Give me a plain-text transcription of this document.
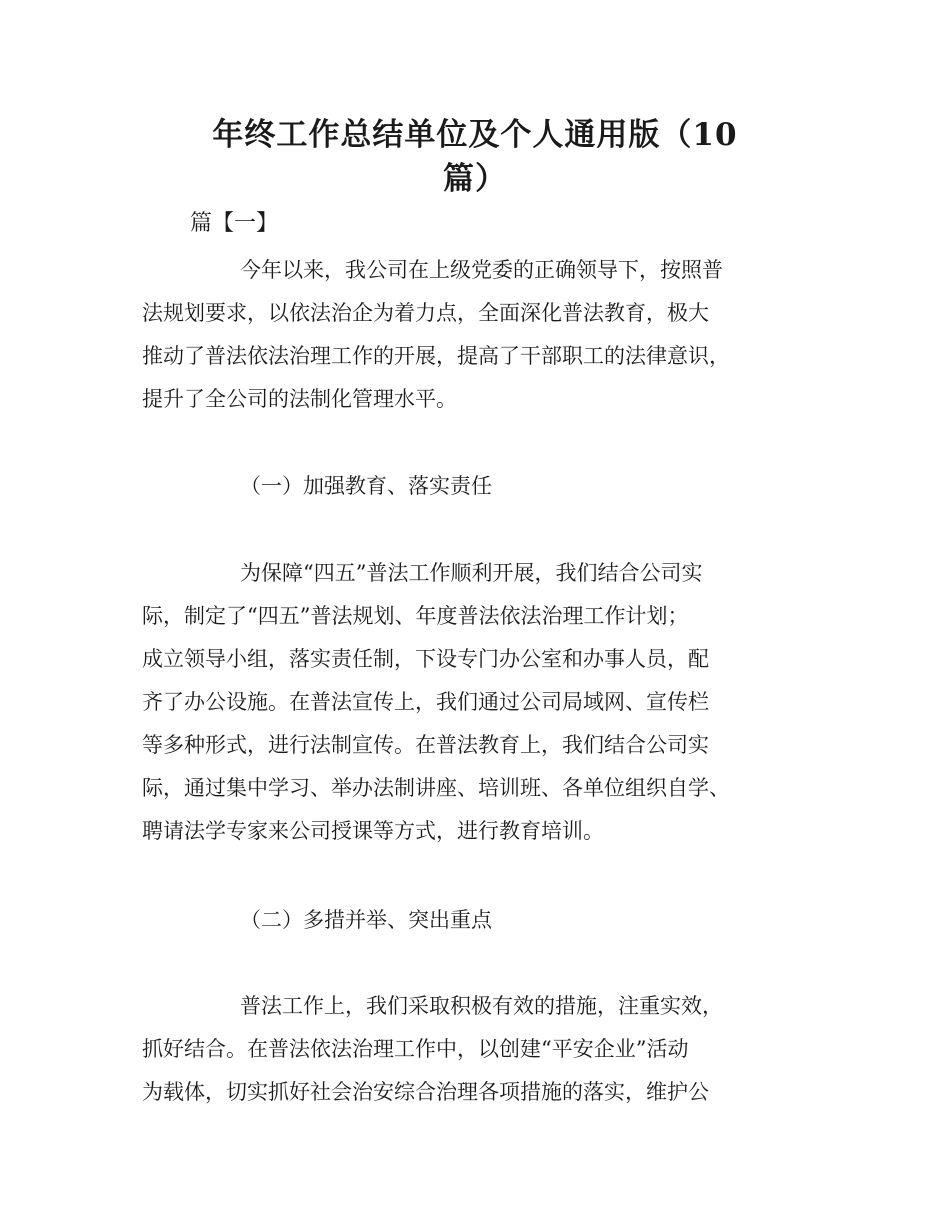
年终工作总结单位及个人通用版（10
篇）
篇【一】
今年以来，我公司在上级党委的正确领导下，按照普
法规划要求，以依法治企为着力点，全面深化普法教育，极大
推动了普法依法治理工作的开展，提高了干部职工的法律意识，
提升了全公司的法制化管理水平。
（一）加强教育、落实责任
为保障“四五”普法工作顺利开展，我们结合公司实
际，制定了“四五”普法规划、年度普法依法治理工作计划；
成立领导小组，落实责任制，下设专门办公室和办事人员，配
齐了办公设施。在普法宣传上，我们通过公司局域网、宣传栏
等多种形式，进行法制宣传。在普法教育上，我们结合公司实
际，通过集中学习、举办法制讲座、培训班、各单位组织自学、
聘请法学专家来公司授课等方式，进行教育培训。
（二）多措并举、突出重点
普法工作上，我们采取积极有效的措施，注重实效，
抓好结合。在普法依法治理工作中，以创建“平安企业”活动
为载体，切实抓好社会治安综合治理各项措施的落实，维护公
